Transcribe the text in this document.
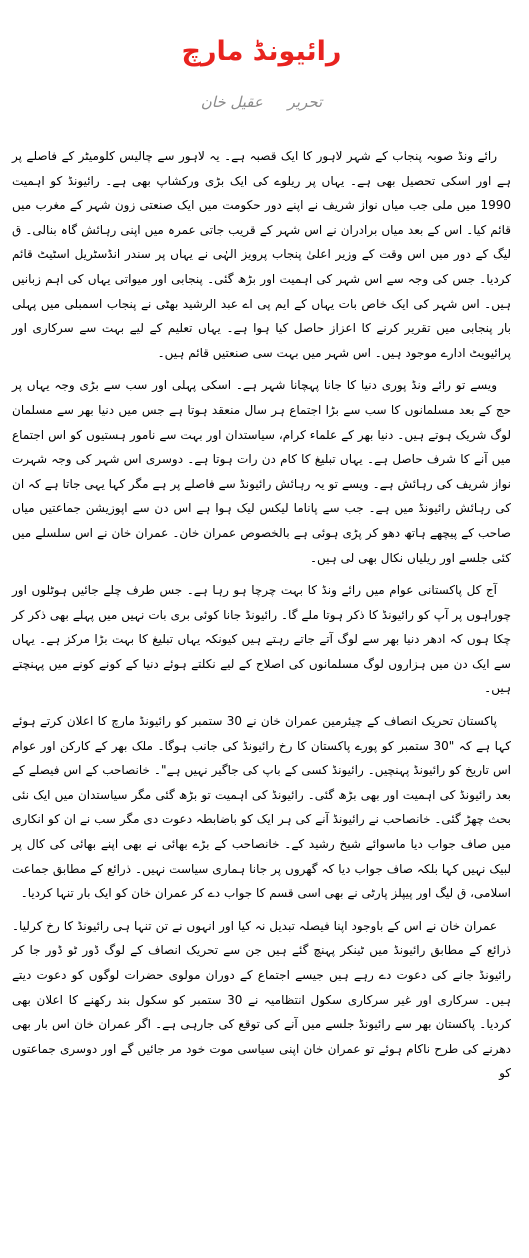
رائیونڈ مارچ
تحریر عقیل خان

رائے ونڈ صوبہ پنجاب کے شہر لاہور کا ایک قصبہ ہے۔ یہ لاہور سے چالیس کلومیٹر کے فاصلے پر ہے اور اسکی تحصیل بھی ہے۔ یہاں پر ریلوے کی ایک بڑی ورکشاپ بھی ہے۔ رائیونڈ کو اہمیت 1990 میں ملی جب میاں نواز شریف نے اپنے دور حکومت میں ایک صنعتی زون شہر کے مغرب میں قائم کیا۔ اس کے بعد میاں برادران نے اس شہر کے قریب جاتی عمرہ میں اپنی رہائش گاہ بنالی۔ ق لیگ کے دور میں اس وقت کے وزیر اعلیٰ پنجاب پرویز الہٰی نے یہاں پر سندر انڈسٹریل اسٹیٹ قائم کردیا۔ جس کی وجہ سے اس شہر کی اہمیت اور بڑھ گئی۔ پنجابی اور میواتی یہاں کی اہم زبانیں ہیں۔ اس شہر کی ایک خاص بات یہاں کے ایم پی اے عبد الرشید بھٹی نے پنجاب اسمبلی میں پہلی بار پنجابی میں تقریر کرنے کا اعزاز حاصل کیا ہوا ہے۔ یہاں تعلیم کے لیے بہت سے سرکاری اور پرائیویٹ ادارے موجود ہیں۔ اس شہر میں بہت سی صنعتیں قائم ہیں۔

ویسے تو رائے ونڈ پوری دنیا کا جانا پہچانا شہر ہے۔ اسکی پہلی اور سب سے بڑی وجہ یہاں پر حج کے بعد مسلمانوں کا سب سے بڑا اجتماع ہر سال منعقد ہوتا ہے جس میں دنیا بھر سے مسلمان لوگ شریک ہوتے ہیں۔ دنیا بھر کے علماء کرام، سیاستدان اور بہت سے نامور ہستیوں کو اس اجتماع میں آنے کا شرف حاصل ہے۔ یہاں تبلیغ کا کام دن رات ہوتا ہے۔ دوسری اس شہر کی وجہ شہرت نواز شریف کی رہائش ہے۔ ویسے تو یہ رہائش رائیونڈ سے فاصلے پر ہے مگر کہا یہی جاتا ہے کہ ان کی رہائش رائیونڈ میں ہے۔ جب سے پاناما لیکس لیک ہوا ہے اس دن سے اپوزیشن جماعتیں میاں صاحب کے پیچھے ہاتھ دھو کر پڑی ہوئی ہے بالخصوص عمران خان۔ عمران خان نے اس سلسلے میں کئی جلسے اور ریلیاں نکال بھی لی ہیں۔

آج کل پاکستانی عوام میں رائے ونڈ کا بہت چرچا ہو رہا ہے۔ جس طرف چلے جائیں ہوٹلوں اور چوراہوں پر آپ کو رائیونڈ کا ذکر ہوتا ملے گا۔ رائیونڈ جانا کوئی بری بات نہیں میں پہلے بھی ذکر کر چکا ہوں کہ ادھر دنیا بھر سے لوگ آتے جاتے رہتے ہیں کیونکہ یہاں تبلیغ کا بہت بڑا مرکز ہے۔ یہاں سے ایک دن میں ہزاروں لوگ مسلمانوں کی اصلاح کے لیے نکلتے ہوئے دنیا کے کونے کونے میں پہنچتے ہیں۔

پاکستان تحریک انصاف کے چیئرمین عمران خان نے 30 ستمبر کو رائیونڈ مارچ کا اعلان کرتے ہوئے کہا ہے کہ "30 ستمبر کو پورے پاکستان کا رخ رائیونڈ کی جانب ہوگا۔ ملک بھر کے کارکن اور عوام اس تاریخ کو رائیونڈ پہنچیں۔ رائیونڈ کسی کے باپ کی جاگیر نہیں ہے"۔ خانصاحب کے اس فیصلے کے بعد رائیونڈ کی اہمیت اور بھی بڑھ گئی۔ رائیونڈ کی اہمیت تو بڑھ گئی مگر سیاستدان میں ایک نئی بحث چھڑ گئی۔ خانصاحب نے رائیونڈ آنے کی ہر ایک کو باضابطہ دعوت دی مگر سب نے ان کو انکاری میں صاف جواب دیا ماسوائے شیخ رشید کے۔ خانصاحب کے بڑے بھائی نے بھی اپنے بھائی کی کال پر لبیک نہیں کہا بلکہ صاف جواب دیا کہ گھروں پر جانا ہماری سیاست نہیں۔ ذرائع کے مطابق جماعت اسلامی، ق لیگ اور پیپلز پارٹی نے بھی اسی قسم کا جواب دے کر عمران خان کو ایک بار تنہا کردیا۔

عمران خان نے اس کے باوجود اپنا فیصلہ تبدیل نہ کیا اور انہوں نے تن تنہا ہی رائیونڈ کا رخ کرلیا۔ ذرائع کے مطابق رائیونڈ میں ٹینکر پہنچ گئے ہیں جن سے تحریک انصاف کے لوگ ڈور ٹو ڈور جا کر رائیونڈ جانے کی دعوت دے رہے ہیں جیسے اجتماع کے دوران مولوی حضرات لوگوں کو دعوت دیتے ہیں۔ سرکاری اور غیر سرکاری سکول انتظامیہ نے 30 ستمبر کو سکول بند رکھنے کا اعلان بھی کردیا۔ پاکستان بھر سے رائیونڈ جلسے میں آنے کی توقع کی جارہی ہے۔ اگر عمران خان اس بار بھی دھرنے کی طرح ناکام ہوئے تو عمران خان اپنی سیاسی موت خود مر جائیں گے اور دوسری جماعتوں کو
